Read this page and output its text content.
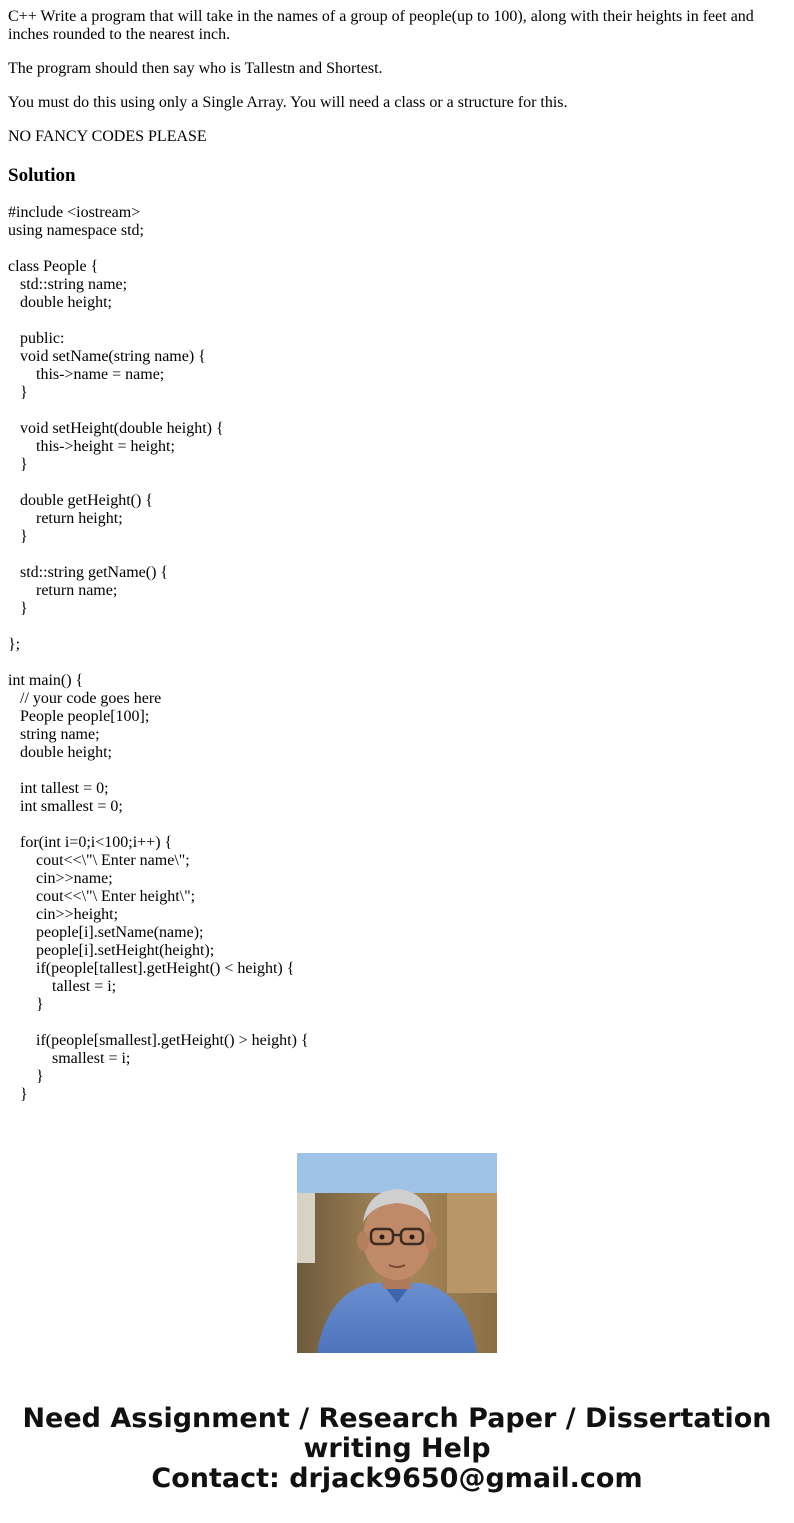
C++ Write a program that will take in the names of a group of people(up to 100), along with their heights in feet and inches rounded to the nearest inch.

The program should then say who is Tallestn and Shortest.

You must do this using only a Single Array. You will need a class or a structure for this.

NO FANCY CODES PLEASE

Solution
#include <iostream>
using namespace std;
class People {
std::string name;
double height;
public:
void setName(string name) {
this->name = name;
}
void setHeight(double height) {
this->height = height;
}
double getHeight() {
return height;
}
std::string getName() {
return name;
}
};
int main() {
// your code goes here
People people[100];
string name;
double height;
int tallest = 0;
int smallest = 0;
for(int i=0;i<100;i++) {
cout<<\"\ Enter name\";
cin>>name;
cout<<\"\ Enter height\";
cin>>height;
people[i].setName(name);
people[i].setHeight(height);
if(people[tallest].getHeight() < height) {
tallest = i;
}
if(people[smallest].getHeight() > height) {
smallest = i;
}
}
Need Assignment / Research Paper / Dissertation
writing Help
Contact: drjack9650@gmail.com
